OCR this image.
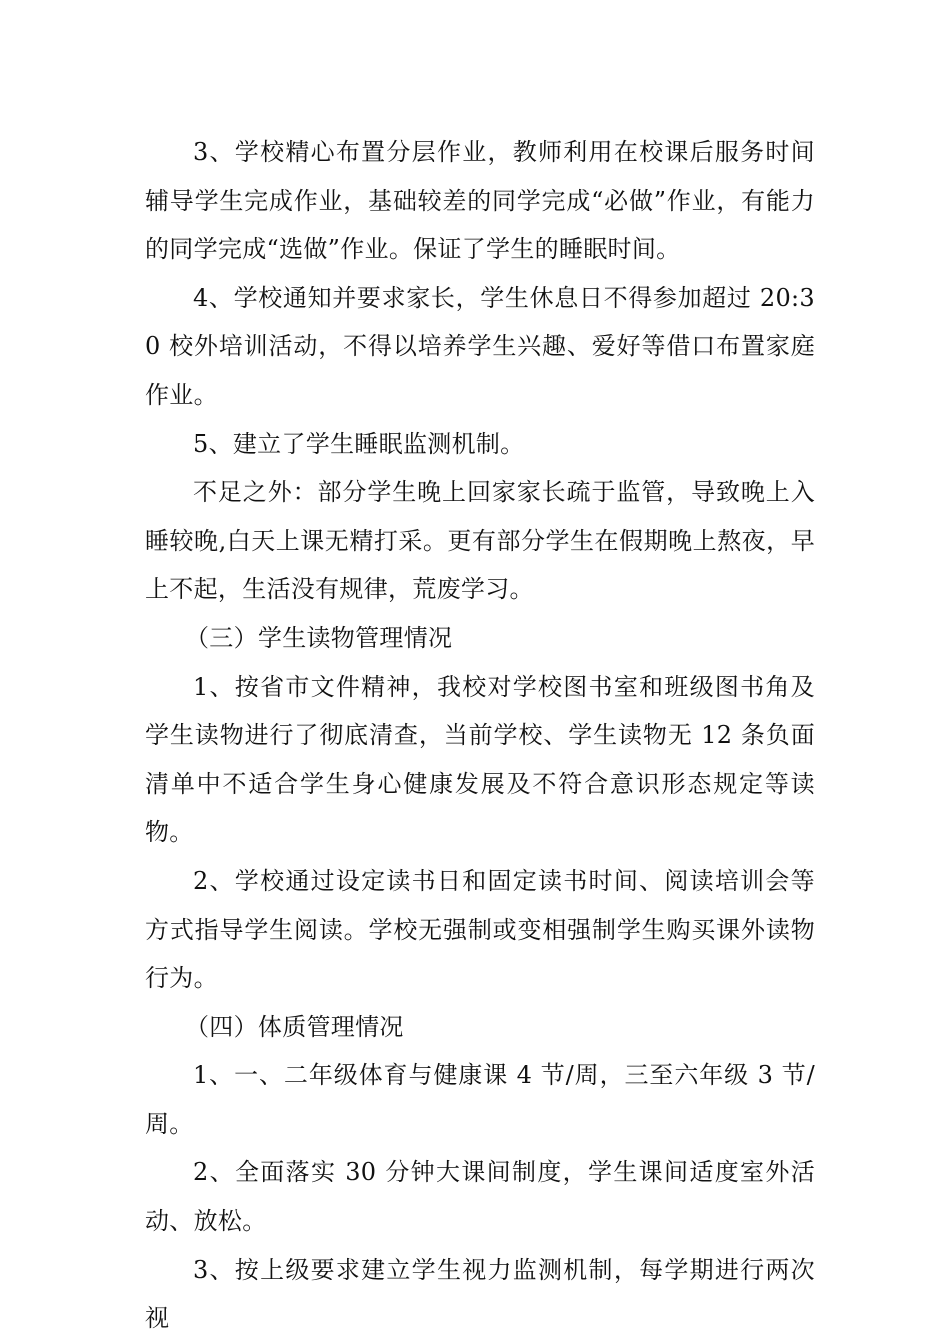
3、学校精心布置分层作业，教师利用在校课后服务时间辅导学生完成作业，基础较差的同学完成“必做”作业，有能力的同学完成“选做”作业。保证了学生的睡眠时间。

4、学校通知并要求家长，学生休息日不得参加超过 20:30 校外培训活动，不得以培养学生兴趣、爱好等借口布置家庭作业。

5、建立了学生睡眠监测机制。

不足之外：部分学生晚上回家家长疏于监管，导致晚上入睡较晚,白天上课无精打采。更有部分学生在假期晚上熬夜，早上不起，生活没有规律，荒废学习。

（三）学生读物管理情况

1、按省市文件精神，我校对学校图书室和班级图书角及学生读物进行了彻底清查，当前学校、学生读物无 12 条负面清单中不适合学生身心健康发展及不符合意识形态规定等读物。

2、学校通过设定读书日和固定读书时间、阅读培训会等方式指导学生阅读。学校无强制或变相强制学生购买课外读物行为。

（四）体质管理情况

1、一、二年级体育与健康课 4 节/周，三至六年级 3 节/周。

2、全面落实 30 分钟大课间制度，学生课间适度室外活动、放松。

3、按上级要求建立学生视力监测机制，每学期进行两次视
